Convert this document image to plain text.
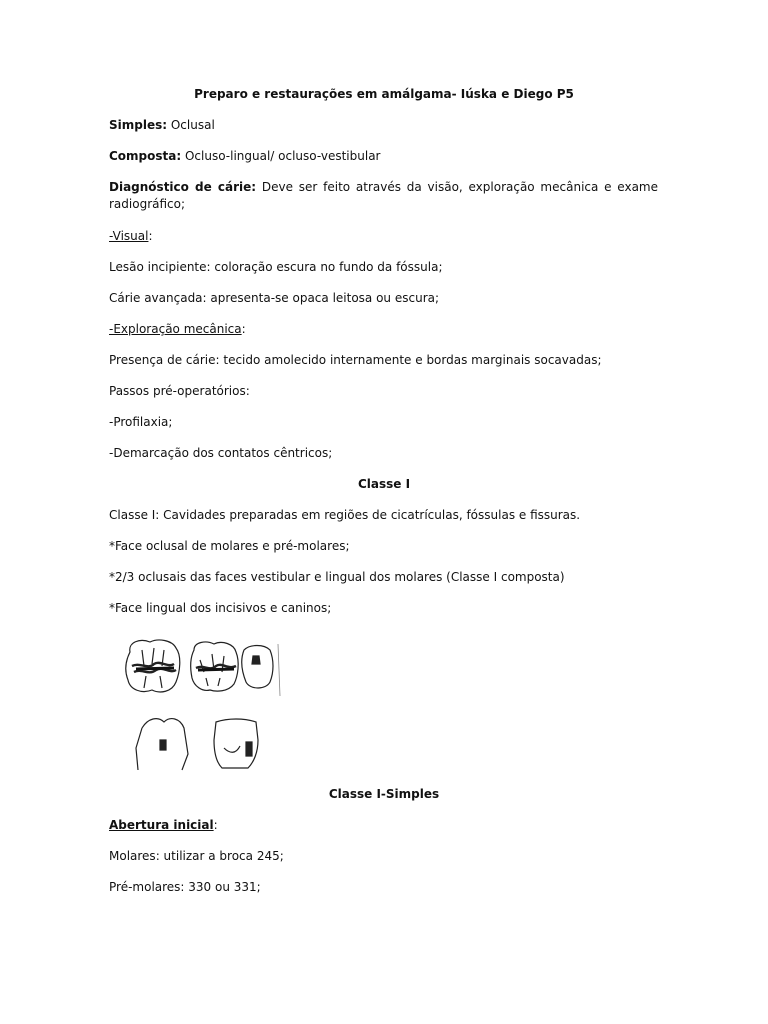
Preparo e restaurações em amálgama- Iúska e Diego P5
Simples: Oclusal
Composta: Ocluso-lingual/ ocluso-vestibular
Diagnóstico de cárie: Deve ser feito através da visão, exploração mecânica e exame radiográfico;
-Visual:
Lesão incipiente: coloração escura no fundo da fóssula;
Cárie avançada: apresenta-se opaca leitosa ou escura;
-Exploração mecânica:
Presença de cárie: tecido amolecido internamente e bordas marginais socavadas;
Passos pré-operatórios:
-Profilaxia;
-Demarcação dos contatos cêntricos;
Classe I
Classe I: Cavidades preparadas em regiões de cicatrículas, fóssulas e fissuras.
*Face oclusal de molares e pré-molares;
*2/3 oclusais das faces vestibular e lingual dos molares (Classe I composta)
*Face lingual dos incisivos e caninos;
Classe I-Simples
Abertura inicial:
Molares: utilizar a broca 245;
Pré-molares: 330 ou 331;
